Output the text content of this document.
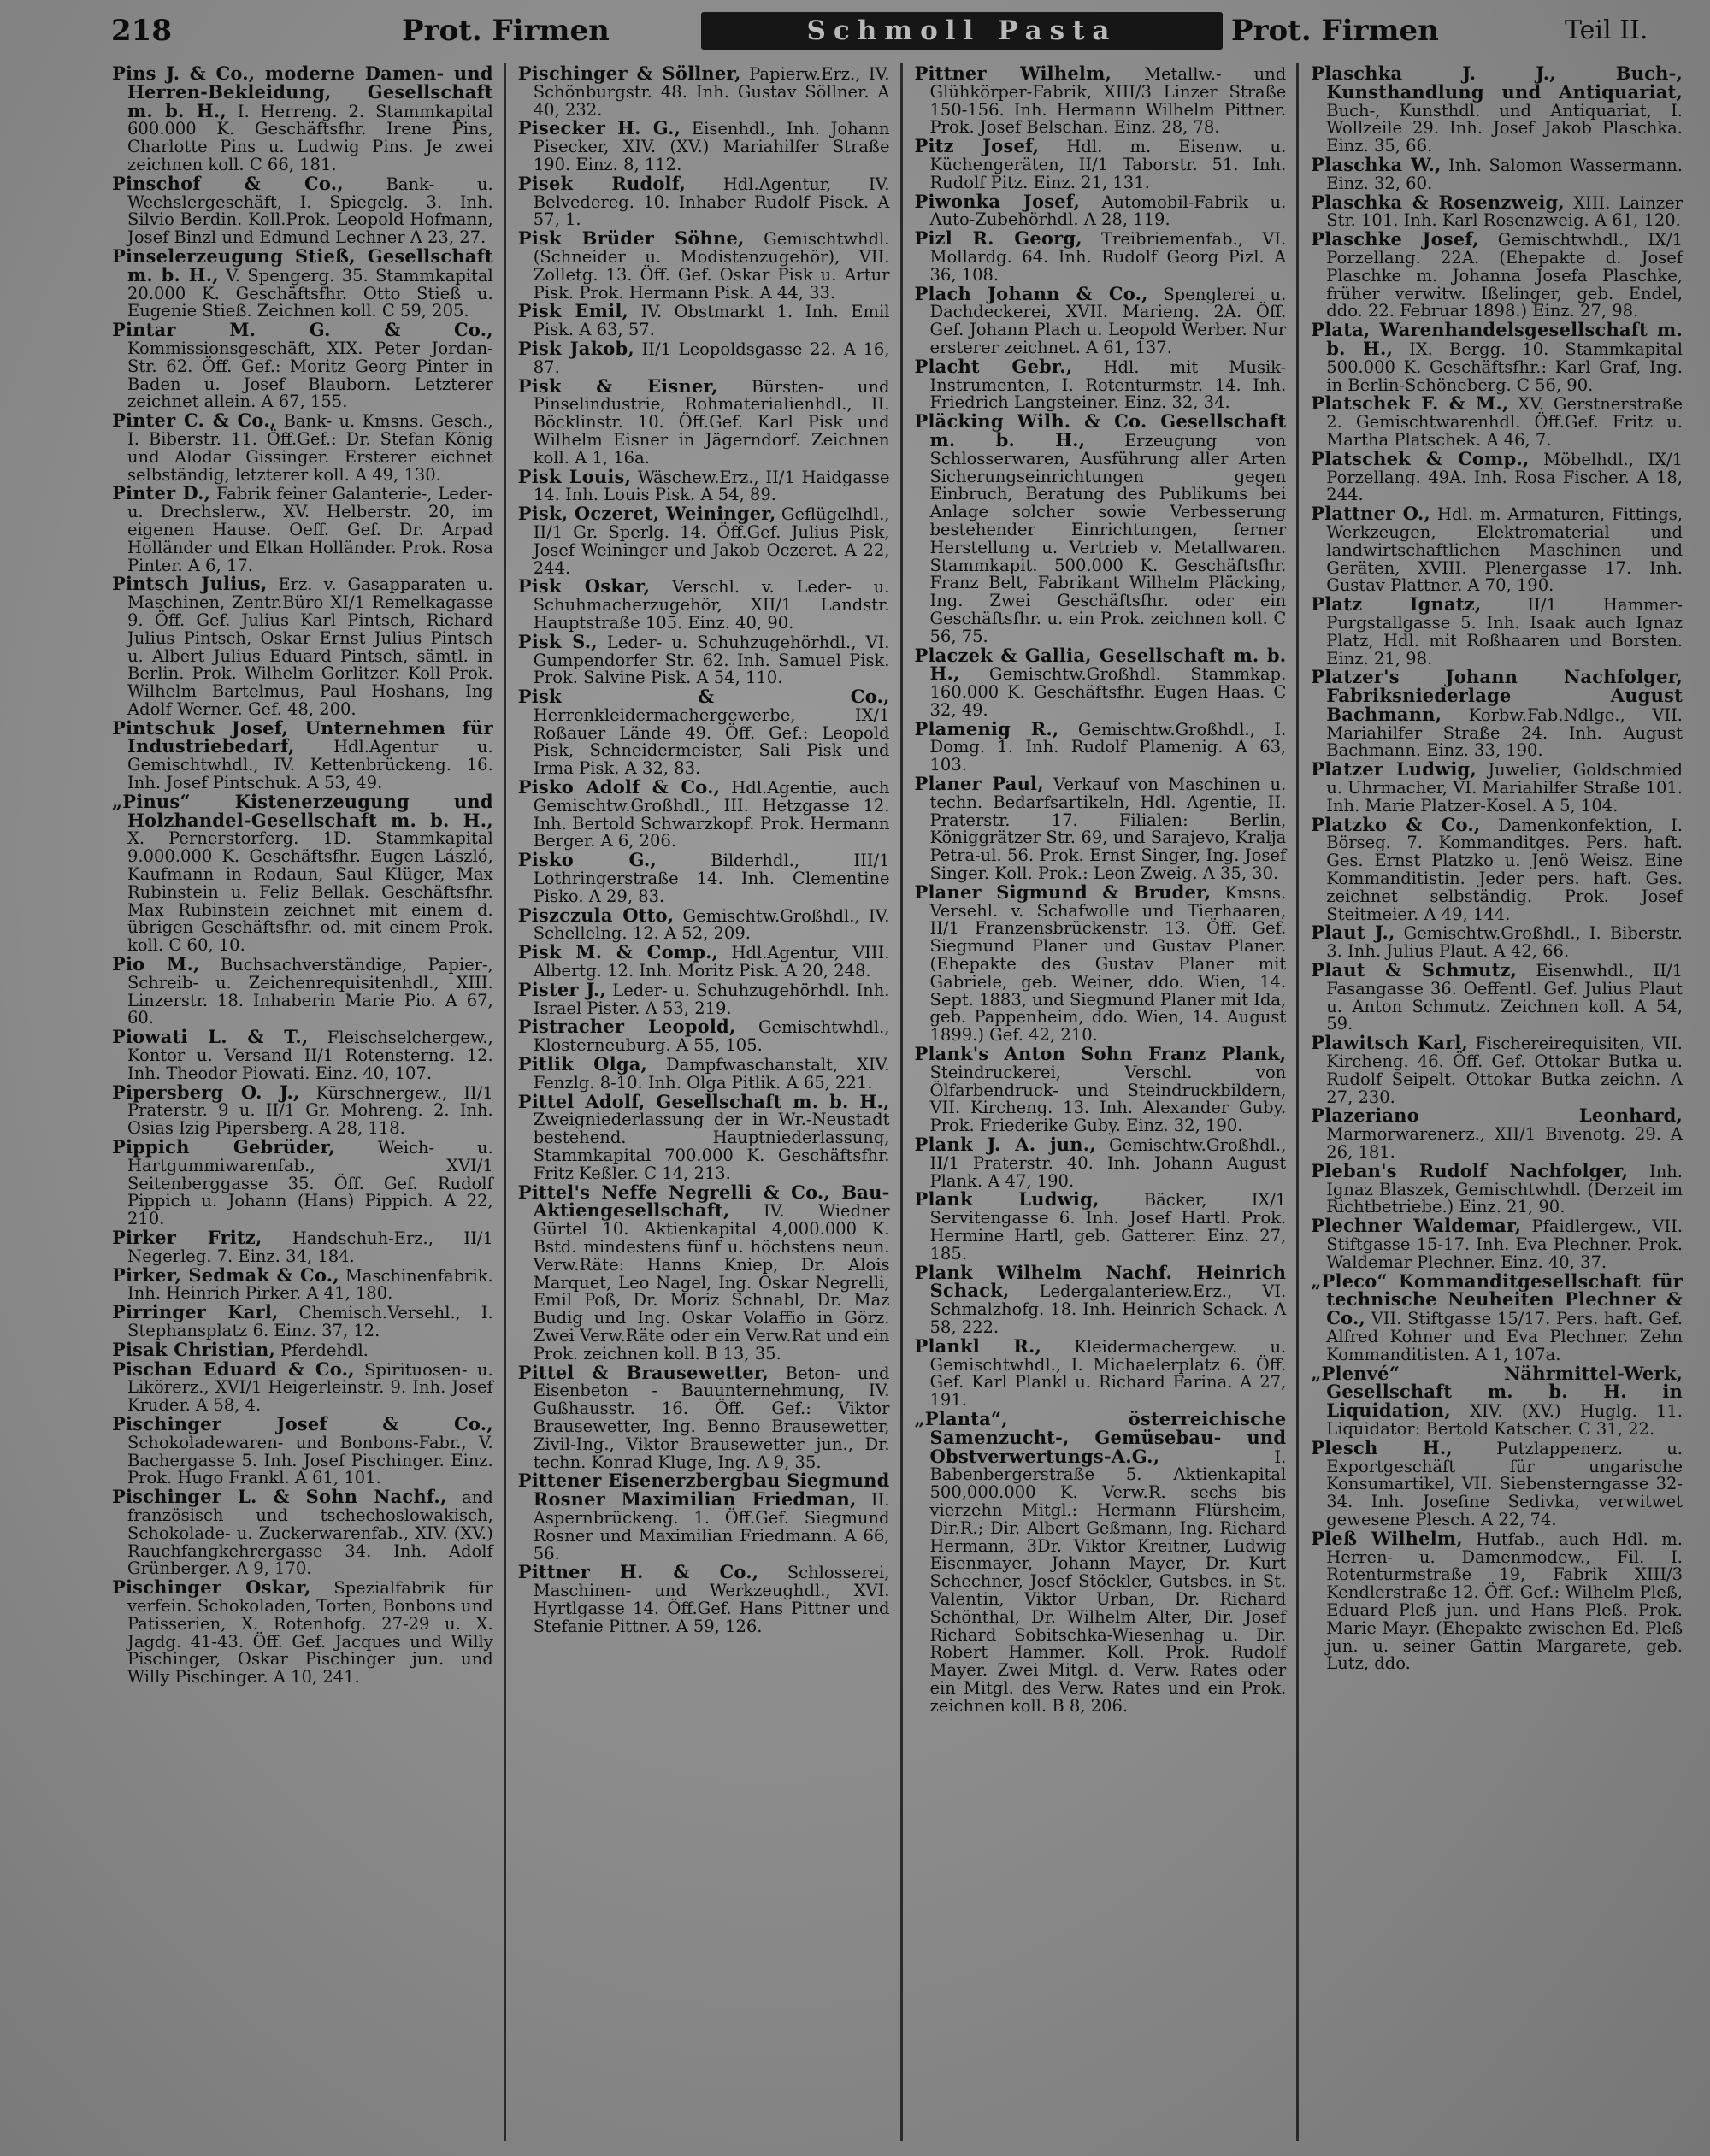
218	Prot. Firmen	Schmoll Pasta	Prot. Firmen	Teil II.

Pins J. & Co., moderne Damen- und Herren-Bekleidung, Gesellschaft m. b. H., I. Herreng. 2. Stammkapital 600.000 K. Geschäftsfhr. Irene Pins, Charlotte Pins u. Ludwig Pins. Je zwei zeichnen koll. C 66, 181.

Pinschof & Co., Bank- u. Wechslergeschäft, I. Spiegelg. 3. Inh. Silvio Berdin. Koll.Prok. Leopold Hofmann, Josef Binzl und Edmund Lechner A 23, 27.

Pinselerzeugung Stieß, Gesellschaft m. b. H., V. Spengerg. 35. Stammkapital 20.000 K. Geschäftsfhr. Otto Stieß u. Eugenie Stieß. Zeichnen koll. C 59, 205.

Pintar M. G. & Co., Kommissionsgeschäft, XIX. Peter Jordan-Str. 62. Öff. Gef.: Moritz Georg Pinter in Baden u. Josef Blauborn. Letzterer zeichnet allein. A 67, 155.

Pinter C. & Co., Bank- u. Kmsns. Gesch., I. Biberstr. 11. Öff.Gef.: Dr. Stefan König und Alodar Gissinger. Ersterer eichnet selbständig, letzterer koll. A 49, 130.

Pinter D., Fabrik feiner Galanterie-, Leder- u. Drechslerw., XV. Helberstr. 20, im eigenen Hause. Oeff. Gef. Dr. Arpad Holländer und Elkan Holländer. Prok. Rosa Pinter. A 6, 17.

Pintsch Julius, Erz. v. Gasapparaten u. Maschinen, Zentr.Büro XI/1 Remelkagasse 9. Öff. Gef. Julius Karl Pintsch, Richard Julius Pintsch, Oskar Ernst Julius Pintsch u. Albert Julius Eduard Pintsch, sämtl. in Berlin. Prok. Wilhelm Gorlitzer. Koll Prok. Wilhelm Bartelmus, Paul Hoshans, Ing Adolf Werner. Gef. 48, 200.

Pintschuk Josef, Unternehmen für Industriebedarf, Hdl.Agentur u. Gemischtwhdl., IV. Kettenbrückeng. 16. Inh. Josef Pintschuk. A 53, 49.

„Pinus“ Kistenerzeugung und Holzhandel-Gesellschaft m. b. H., X. Pernerstorferg. 1D. Stammkapital 9.000.000 K. Geschäftsfhr. Eugen László, Kaufmann in Rodaun, Saul Klüger, Max Rubinstein u. Feliz Bellak. Geschäftsfhr. Max Rubinstein zeichnet mit einem d. übrigen Geschäftsfhr. od. mit einem Prok. koll. C 60, 10.

Pio M., Buchsachverständige, Papier-, Schreib- u. Zeichenrequisitenhdl., XIII. Linzerstr. 18. Inhaberin Marie Pio. A 67, 60.

Piowati L. & T., Fleischselchergew., Kontor u. Versand II/1 Rotensterng. 12. Inh. Theodor Piowati. Einz. 40, 107.

Pipersberg O. J., Kürschnergew., II/1 Praterstr. 9 u. II/1 Gr. Mohreng. 2. Inh. Osias Izig Pipersberg. A 28, 118.

Pippich Gebrüder, Weich- u. Hartgummiwarenfab., XVI/1 Seitenberggasse 35. Öff. Gef. Rudolf Pippich u. Johann (Hans) Pippich. A 22, 210.

Pirker Fritz, Handschuh-Erz., II/1 Negerleg. 7. Einz. 34, 184.

Pirker, Sedmak & Co., Maschinenfabrik. Inh. Heinrich Pirker. A 41, 180.

Pirringer Karl, Chemisch.Versehl., I. Stephansplatz 6. Einz. 37, 12.

Pisak Christian, Pferdehdl.

Pischan Eduard & Co., Spirituosen- u. Likörerz., XVI/1 Heigerleinstr. 9. Inh. Josef Kruder. A 58, 4.

Pischinger Josef & Co., Schokoladewaren- und Bonbons-Fabr., V. Bachergasse 5. Inh. Josef Pischinger. Einz. Prok. Hugo Frankl. A 61, 101.

Pischinger L. & Sohn Nachf., and französisch und tschechoslowakisch, Schokolade- u. Zuckerwarenfab., XIV. (XV.) Rauchfangkehrergasse 34. Inh. Adolf Grünberger. A 9, 170.

Pischinger Oskar, Spezialfabrik für verfein. Schokoladen, Torten, Bonbons und Patisserien, X. Rotenhofg. 27-29 u. X. Jagdg. 41-43. Öff. Gef. Jacques und Willy Pischinger, Oskar Pischinger jun. und Willy Pischinger. A 10, 241.

Pischinger & Söllner, Papierw.Erz., IV. Schönburgstr. 48. Inh. Gustav Söllner. A 40, 232.

Pisecker H. G., Eisenhdl., Inh. Johann Pisecker, XIV. (XV.) Mariahilfer Straße 190. Einz. 8, 112.

Pisek Rudolf, Hdl.Agentur, IV. Belvedereg. 10. Inhaber Rudolf Pisek. A 57, 1.

Pisk Brüder Söhne, Gemischtwhdl. (Schneider u. Modistenzugehör), VII. Zolletg. 13. Öff. Gef. Oskar Pisk u. Artur Pisk. Prok. Hermann Pisk. A 44, 33.

Pisk Emil, IV. Obstmarkt 1. Inh. Emil Pisk. A 63, 57.

Pisk Jakob, II/1 Leopoldsgasse 22. A 16, 87.

Pisk & Eisner, Bürsten- und Pinselindustrie, Rohmaterialienhdl., II. Böcklinstr. 10. Öff.Gef. Karl Pisk und Wilhelm Eisner in Jägerndorf. Zeichnen koll. A 1, 16a.

Pisk Louis, Wäschew.Erz., II/1 Haidgasse 14. Inh. Louis Pisk. A 54, 89.

Pisk, Oczeret, Weininger, Geflügelhdl., II/1 Gr. Sperlg. 14. Öff.Gef. Julius Pisk, Josef Weininger und Jakob Oczeret. A 22, 244.

Pisk Oskar, Verschl. v. Leder- u. Schuhmacherzugehör, XII/1 Landstr. Hauptstraße 105. Einz. 40, 90.

Pisk S., Leder- u. Schuhzugehörhdl., VI. Gumpendorfer Str. 62. Inh. Samuel Pisk. Prok. Salvine Pisk. A 54, 110.

Pisk & Co., Herrenkleidermachergewerbe, IX/1 Roßauer Lände 49. Öff. Gef.: Leopold Pisk, Schneidermeister, Sali Pisk und Irma Pisk. A 32, 83.

Pisko Adolf & Co., Hdl.Agentie, auch Gemischtw.Großhdl., III. Hetzgasse 12. Inh. Bertold Schwarzkopf. Prok. Hermann Berger. A 6, 206.

Pisko G., Bilderhdl., III/1 Lothringerstraße 14. Inh. Clementine Pisko. A 29, 83.

Piszczula Otto, Gemischtw.Großhdl., IV. Schellelng. 12. A 52, 209.

Pisk M. & Comp., Hdl.Agentur, VIII. Albertg. 12. Inh. Moritz Pisk. A 20, 248.

Pister J., Leder- u. Schuhzugehörhdl. Inh. Israel Pister. A 53, 219.

Pistracher Leopold, Gemischtwhdl., Klosterneuburg. A 55, 105.

Pitlik Olga, Dampfwaschanstalt, XIV. Fenzlg. 8-10. Inh. Olga Pitlik. A 65, 221.

Pittel Adolf, Gesellschaft m. b. H., Zweigniederlassung der in Wr.-Neustadt bestehend. Hauptniederlassung, Stammkapital 700.000 K. Geschäftsfhr. Fritz Keßler. C 14, 213.

Pittel's Neffe Negrelli & Co., Bau-Aktiengesellschaft, IV. Wiedner Gürtel 10. Aktienkapital 4,000.000 K. Bstd. mindestens fünf u. höchstens neun. Verw.Räte: Hanns Kniep, Dr. Alois Marquet, Leo Nagel, Ing. Oskar Negrelli, Emil Poß, Dr. Moriz Schnabl, Dr. Maz Budig und Ing. Oskar Volaffio in Görz. Zwei Verw.Räte oder ein Verw.Rat und ein Prok. zeichnen koll. B 13, 35.

Pittel & Brausewetter, Beton- und Eisenbeton - Bauunternehmung, IV. Gußhausstr. 16. Öff. Gef.: Viktor Brausewetter, Ing. Benno Brausewetter, Zivil-Ing., Viktor Brausewetter jun., Dr. techn. Konrad Kluge, Ing. A 9, 35.

Pittener Eisenerzbergbau Siegmund Rosner Maximilian Friedman, II. Aspernbrückeng. 1. Öff.Gef. Siegmund Rosner und Maximilian Friedmann. A 66, 56.

Pittner H. & Co., Schlosserei, Maschinen- und Werkzeughdl., XVI. Hyrtlgasse 14. Öff.Gef. Hans Pittner und Stefanie Pittner. A 59, 126.

Pittner Wilhelm, Metallw.- und Glühkörper-Fabrik, XIII/3 Linzer Straße 150-156. Inh. Hermann Wilhelm Pittner. Prok. Josef Belschan. Einz. 28, 78.

Pitz Josef, Hdl. m. Eisenw. u. Küchengeräten, II/1 Taborstr. 51. Inh. Rudolf Pitz. Einz. 21, 131.

Piwonka Josef, Automobil-Fabrik u. Auto-Zubehörhdl. A 28, 119.

Pizl R. Georg, Treibriemenfab., VI. Mollardg. 64. Inh. Rudolf Georg Pizl. A 36, 108.

Plach Johann & Co., Spenglerei u. Dachdeckerei, XVII. Marieng. 2A. Öff. Gef. Johann Plach u. Leopold Werber. Nur ersterer zeichnet. A 61, 137.

Placht Gebr., Hdl. mit Musik-Instrumenten, I. Rotenturmstr. 14. Inh. Friedrich Langsteiner. Einz. 32, 34.

Pläcking Wilh. & Co. Gesellschaft m. b. H., Erzeugung von Schlosserwaren, Ausführung aller Arten Sicherungseinrichtungen gegen Einbruch, Beratung des Publikums bei Anlage solcher sowie Verbesserung bestehender Einrichtungen, ferner Herstellung u. Vertrieb v. Metallwaren. Stammkapit. 500.000 K. Geschäftsfhr. Franz Belt, Fabrikant Wilhelm Pläcking, Ing. Zwei Geschäftsfhr. oder ein Geschäftsfhr. u. ein Prok. zeichnen koll. C 56, 75.

Placzek & Gallia, Gesellschaft m. b. H., Gemischtw.Großhdl. Stammkap. 160.000 K. Geschäftsfhr. Eugen Haas. C 32, 49.

Plamenig R., Gemischtw.Großhdl., I. Domg. 1. Inh. Rudolf Plamenig. A 63, 103.

Planer Paul, Verkauf von Maschinen u. techn. Bedarfsartikeln, Hdl. Agentie, II. Praterstr. 17. Filialen: Berlin, Königgrätzer Str. 69, und Sarajevo, Kralja Petra-ul. 56. Prok. Ernst Singer, Ing. Josef Singer. Koll. Prok.: Leon Zweig. A 35, 30.

Planer Sigmund & Bruder, Kmsns. Versehl. v. Schafwolle und Tierhaaren, II/1 Franzensbrückenstr. 13. Öff. Gef. Siegmund Planer und Gustav Planer. (Ehepakte des Gustav Planer mit Gabriele, geb. Weiner, ddo. Wien, 14. Sept. 1883, und Siegmund Planer mit Ida, geb. Pappenheim, ddo. Wien, 14. August 1899.) Gef. 42, 210.

Plank's Anton Sohn Franz Plank, Steindruckerei, Verschl. von Ölfarbendruck- und Steindruckbildern, VII. Kircheng. 13. Inh. Alexander Guby. Prok. Friederike Guby. Einz. 32, 190.

Plank J. A. jun., Gemischtw.Großhdl., II/1 Praterstr. 40. Inh. Johann August Plank. A 47, 190.

Plank Ludwig, Bäcker, IX/1 Servitengasse 6. Inh. Josef Hartl. Prok. Hermine Hartl, geb. Gatterer. Einz. 27, 185.

Plank Wilhelm Nachf. Heinrich Schack, Ledergalanteriew.Erz., VI. Schmalzhofg. 18. Inh. Heinrich Schack. A 58, 222.

Plankl R., Kleidermachergew. u. Gemischtwhdl., I. Michaelerplatz 6. Öff. Gef. Karl Plankl u. Richard Farina. A 27, 191.

„Planta“, österreichische Samenzucht-, Gemüsebau- und Obstverwertungs-A.G., I. Babenbergerstraße 5. Aktienkapital 500,000.000 K. Verw.R. sechs bis vierzehn Mitgl.: Hermann Flürsheim, Dir.R.; Dir. Albert Geßmann, Ing. Richard Hermann, 3Dr. Viktor Kreitner, Ludwig Eisenmayer, Johann Mayer, Dr. Kurt Schechner, Josef Stöckler, Gutsbes. in St. Valentin, Viktor Urban, Dr. Richard Schönthal, Dr. Wilhelm Alter, Dir. Josef Richard Sobitschka-Wiesenhag u. Dir. Robert Hammer. Koll. Prok. Rudolf Mayer. Zwei Mitgl. d. Verw. Rates oder ein Mitgl. des Verw. Rates und ein Prok. zeichnen koll. B 8, 206.

Plaschka J. J., Buch-, Kunsthandlung und Antiquariat, Buch-, Kunsthdl. und Antiquariat, I. Wollzeile 29. Inh. Josef Jakob Plaschka. Einz. 35, 66.

Plaschka W., Inh. Salomon Wassermann. Einz. 32, 60.

Plaschka & Rosenzweig, XIII. Lainzer Str. 101. Inh. Karl Rosenzweig. A 61, 120.

Plaschke Josef, Gemischtwhdl., IX/1 Porzellang. 22A. (Ehepakte d. Josef Plaschke m. Johanna Josefa Plaschke, früher verwitw. Ißelinger, geb. Endel, ddo. 22. Februar 1898.) Einz. 27, 98.

Plata, Warenhandelsgesellschaft m. b. H., IX. Bergg. 10. Stammkapital 500.000 K. Geschäftsfhr.: Karl Graf, Ing. in Berlin-Schöneberg. C 56, 90.

Platschek F. & M., XV. Gerstnerstraße 2. Gemischtwarenhdl. Öff.Gef. Fritz u. Martha Platschek. A 46, 7.

Platschek & Comp., Möbelhdl., IX/1 Porzellang. 49A. Inh. Rosa Fischer. A 18, 244.

Plattner O., Hdl. m. Armaturen, Fittings, Werkzeugen, Elektromaterial und landwirtschaftlichen Maschinen und Geräten, XVIII. Plenergasse 17. Inh. Gustav Plattner. A 70, 190.

Platz Ignatz, II/1 Hammer-Purgstallgasse 5. Inh. Isaak auch Ignaz Platz, Hdl. mit Roßhaaren und Borsten. Einz. 21, 98.

Platzer's Johann Nachfolger, Fabriksniederlage August Bachmann, Korbw.Fab.Ndlge., VII. Mariahilfer Straße 24. Inh. August Bachmann. Einz. 33, 190.

Platzer Ludwig, Juwelier, Goldschmied u. Uhrmacher, VI. Mariahilfer Straße 101. Inh. Marie Platzer-Kosel. A 5, 104.

Platzko & Co., Damenkonfektion, I. Börseg. 7. Kommanditges. Pers. haft. Ges. Ernst Platzko u. Jenö Weisz. Eine Kommanditistin. Jeder pers. haft. Ges. zeichnet selbständig. Prok. Josef Steitmeier. A 49, 144.

Plaut J., Gemischtw.Großhdl., I. Biberstr. 3. Inh. Julius Plaut. A 42, 66.

Plaut & Schmutz, Eisenwhdl., II/1 Fasangasse 36. Oeffentl. Gef. Julius Plaut u. Anton Schmutz. Zeichnen koll. A 54, 59.

Plawitsch Karl, Fischereirequisiten, VII. Kircheng. 46. Öff. Gef. Ottokar Butka u. Rudolf Seipelt. Ottokar Butka zeichn. A 27, 230.

Plazeriano Leonhard, Marmorwarenerz., XII/1 Bivenotg. 29. A 26, 181.

Pleban's Rudolf Nachfolger, Inh. Ignaz Blaszek, Gemischtwhdl. (Derzeit im Richtbetriebe.) Einz. 21, 90.

Plechner Waldemar, Pfaidlergew., VII. Stiftgasse 15-17. Inh. Eva Plechner. Prok. Waldemar Plechner. Einz. 40, 37.

„Pleco“ Kommanditgesellschaft für technische Neuheiten Plechner & Co., VII. Stiftgasse 15/17. Pers. haft. Gef. Alfred Kohner und Eva Plechner. Zehn Kommanditisten. A 1, 107a.

„Plenvé“ Nährmittel-Werk, Gesellschaft m. b. H. in Liquidation, XIV. (XV.) Huglg. 11. Liquidator: Bertold Katscher. C 31, 22.

Plesch H., Putzlappenerz. u. Exportgeschäft für ungarische Konsumartikel, VII. Siebensterngasse 32-34. Inh. Josefine Sedivka, verwitwet gewesene Plesch. A 22, 74.

Pleß Wilhelm, Hutfab., auch Hdl. m. Herren- u. Damenmodew., Fil. I. Rotenturmstraße 19, Fabrik XIII/3 Kendlerstraße 12. Öff. Gef.: Wilhelm Pleß, Eduard Pleß jun. und Hans Pleß. Prok. Marie Mayr. (Ehepakte zwischen Ed. Pleß jun. u. seiner Gattin Margarete, geb. Lutz, ddo.
